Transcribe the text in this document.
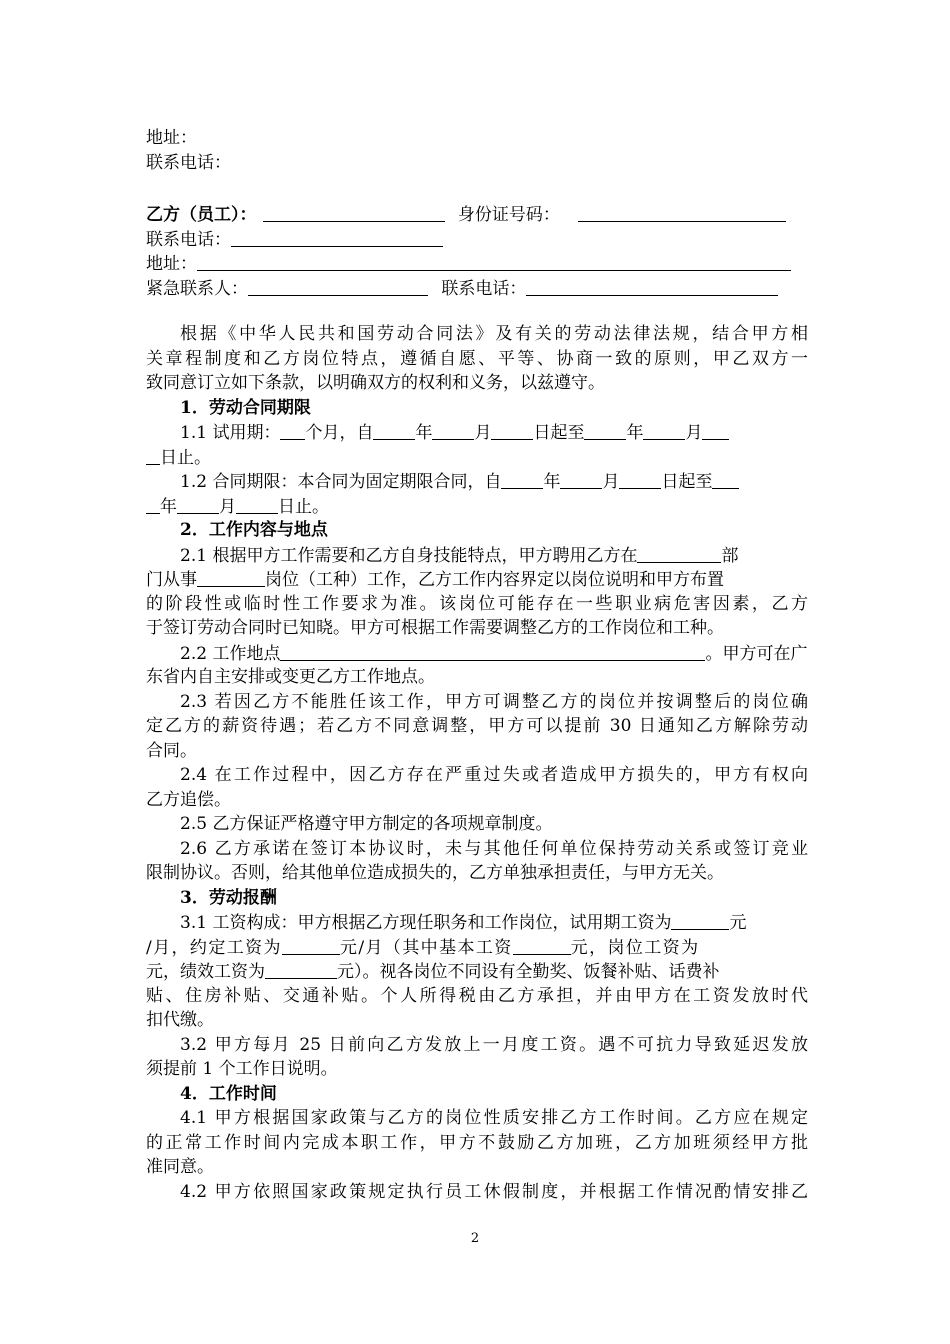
地址：
联系电话：
乙方（员工）：	身份证号码：
联系电话：
地址：
紧急联系人：	联系电话：
根据《中华人民共和国劳动合同法》及有关的劳动法律法规，结合甲方相
关章程制度和乙方岗位特点，遵循自愿、平等、协商一致的原则，甲乙双方一
致同意订立如下条款，以明确双方的权利和义务，以兹遵守。
1．劳动合同期限
1.1 试用期： 个月，自 年 月 日起至 年 月
日止。
1.2 合同期限：本合同为固定期限合同，自 年 月 日起至
年 月 日止。
2．工作内容与地点
2.1 根据甲方工作需要和乙方自身技能特点，甲方聘用乙方在	部
门从事	岗位（工种）工作，乙方工作内容界定以岗位说明和甲方布置
的阶段性或临时性工作要求为准。该岗位可能存在一些职业病危害因素，乙方
于签订劳动合同时已知晓。甲方可根据工作需要调整乙方的工作岗位和工种。
2.2 工作地点	。甲方可在广
东省内自主安排或变更乙方工作地点。
2.3 若因乙方不能胜任该工作，甲方可调整乙方的岗位并按调整后的岗位确
定乙方的薪资待遇；若乙方不同意调整，甲方可以提前 30 日通知乙方解除劳动
合同。
2.4 在工作过程中，因乙方存在严重过失或者造成甲方损失的，甲方有权向
乙方追偿。
2.5 乙方保证严格遵守甲方制定的各项规章制度。
2.6 乙方承诺在签订本协议时，未与其他任何单位保持劳动关系或签订竞业
限制协议。否则，给其他单位造成损失的，乙方单独承担责任，与甲方无关。
3．劳动报酬
3.1 工资构成：甲方根据乙方现任职务和工作岗位，试用期工资为	元
/月，约定工资为	元/月（其中基本工资	元，岗位工资为
元，绩效工资为	元）。视各岗位不同设有全勤奖、饭餐补贴、话费补
贴、住房补贴、交通补贴。个人所得税由乙方承担，并由甲方在工资发放时代
扣代缴。
3.2 甲方每月 25 日前向乙方发放上一月度工资。遇不可抗力导致延迟发放
须提前 1 个工作日说明。
4．工作时间
4.1 甲方根据国家政策与乙方的岗位性质安排乙方工作时间。乙方应在规定
的正常工作时间内完成本职工作，甲方不鼓励乙方加班，乙方加班须经甲方批
准同意。
4.2 甲方依照国家政策规定执行员工休假制度，并根据工作情况酌情安排乙
2
